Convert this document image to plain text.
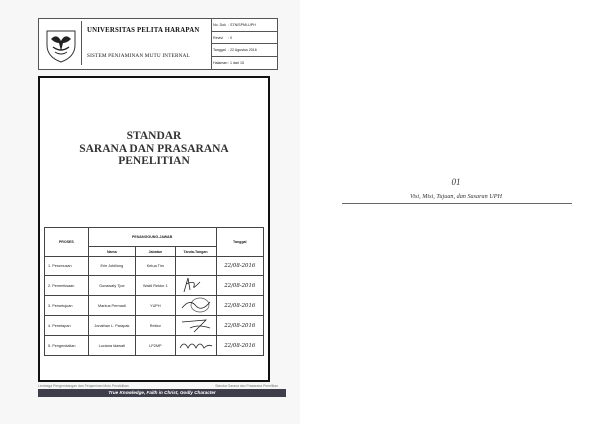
UNIVERSITAS PELITA HARAPAN
SISTEM PENJAMINAN MUTU INTERNAL
No. Dok : STN/SPMI-UPH
Revisi : 0
Tanggal : 22 Agustus 2016
Halaman: 1 dari 15
STANDAR
SARANA DAN PRASARANA
PENELITIAN
PROSES	PENANGGUNG-JAWAB			Tanggal
	Nama	Jabatan	Tanda-Tangan	
1. Perumusan	Erie Jobiliong	Ketua Tim		22/08-2016
2. Pemeriksaan	Gunawaty Tjoe	Wakil Rektor 1		22/08-2016
3. Persetujuan	Markus Permadi	YUPH		22/08-2016
4. Penetapan	Jonathan L. Parapak	Rektor		22/08-2016
5. Pengendalian	Luciana Idawati	LP2MP		22/08-2016
Lembaga Pengembangan dan Penjaminan Mutu Pendidikan	Standar Sarana dan Prasarana Penelitian
True Knowledge, Faith in Christ, Godly Character
01
Visi, Misi, Tujuan, dan Sasaran UPH
